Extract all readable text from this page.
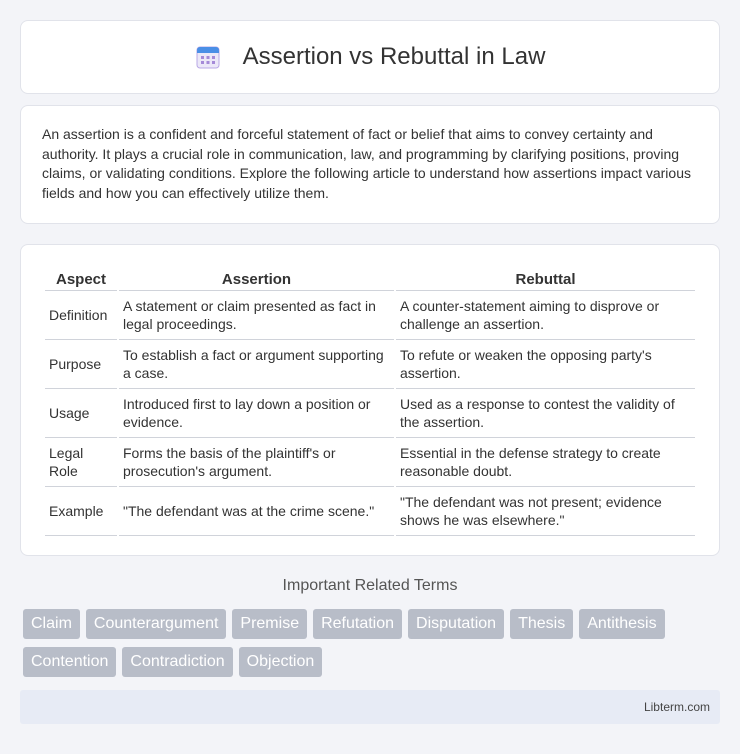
Assertion vs Rebuttal in Law

An assertion is a confident and forceful statement of fact or belief that aims to convey certainty and authority. It plays a crucial role in communication, law, and programming by clarifying positions, proving claims, or validating conditions. Explore the following article to understand how assertions impact various fields and how you can effectively utilize them.

Aspect	Assertion	Rebuttal
Definition	A statement or claim presented as fact in legal proceedings.	A counter-statement aiming to disprove or challenge an assertion.
Purpose	To establish a fact or argument supporting a case.	To refute or weaken the opposing party's assertion.
Usage	Introduced first to lay down a position or evidence.	Used as a response to contest the validity of the assertion.
Legal Role	Forms the basis of the plaintiff's or prosecution's argument.	Essential in the defense strategy to create reasonable doubt.
Example	"The defendant was at the crime scene."	"The defendant was not present; evidence shows he was elsewhere."
Important Related Terms
Claim	Counterargument	Premise	Refutation	Disputation	Thesis	Antithesis
Contention	Contradiction	Objection
Libterm.com
